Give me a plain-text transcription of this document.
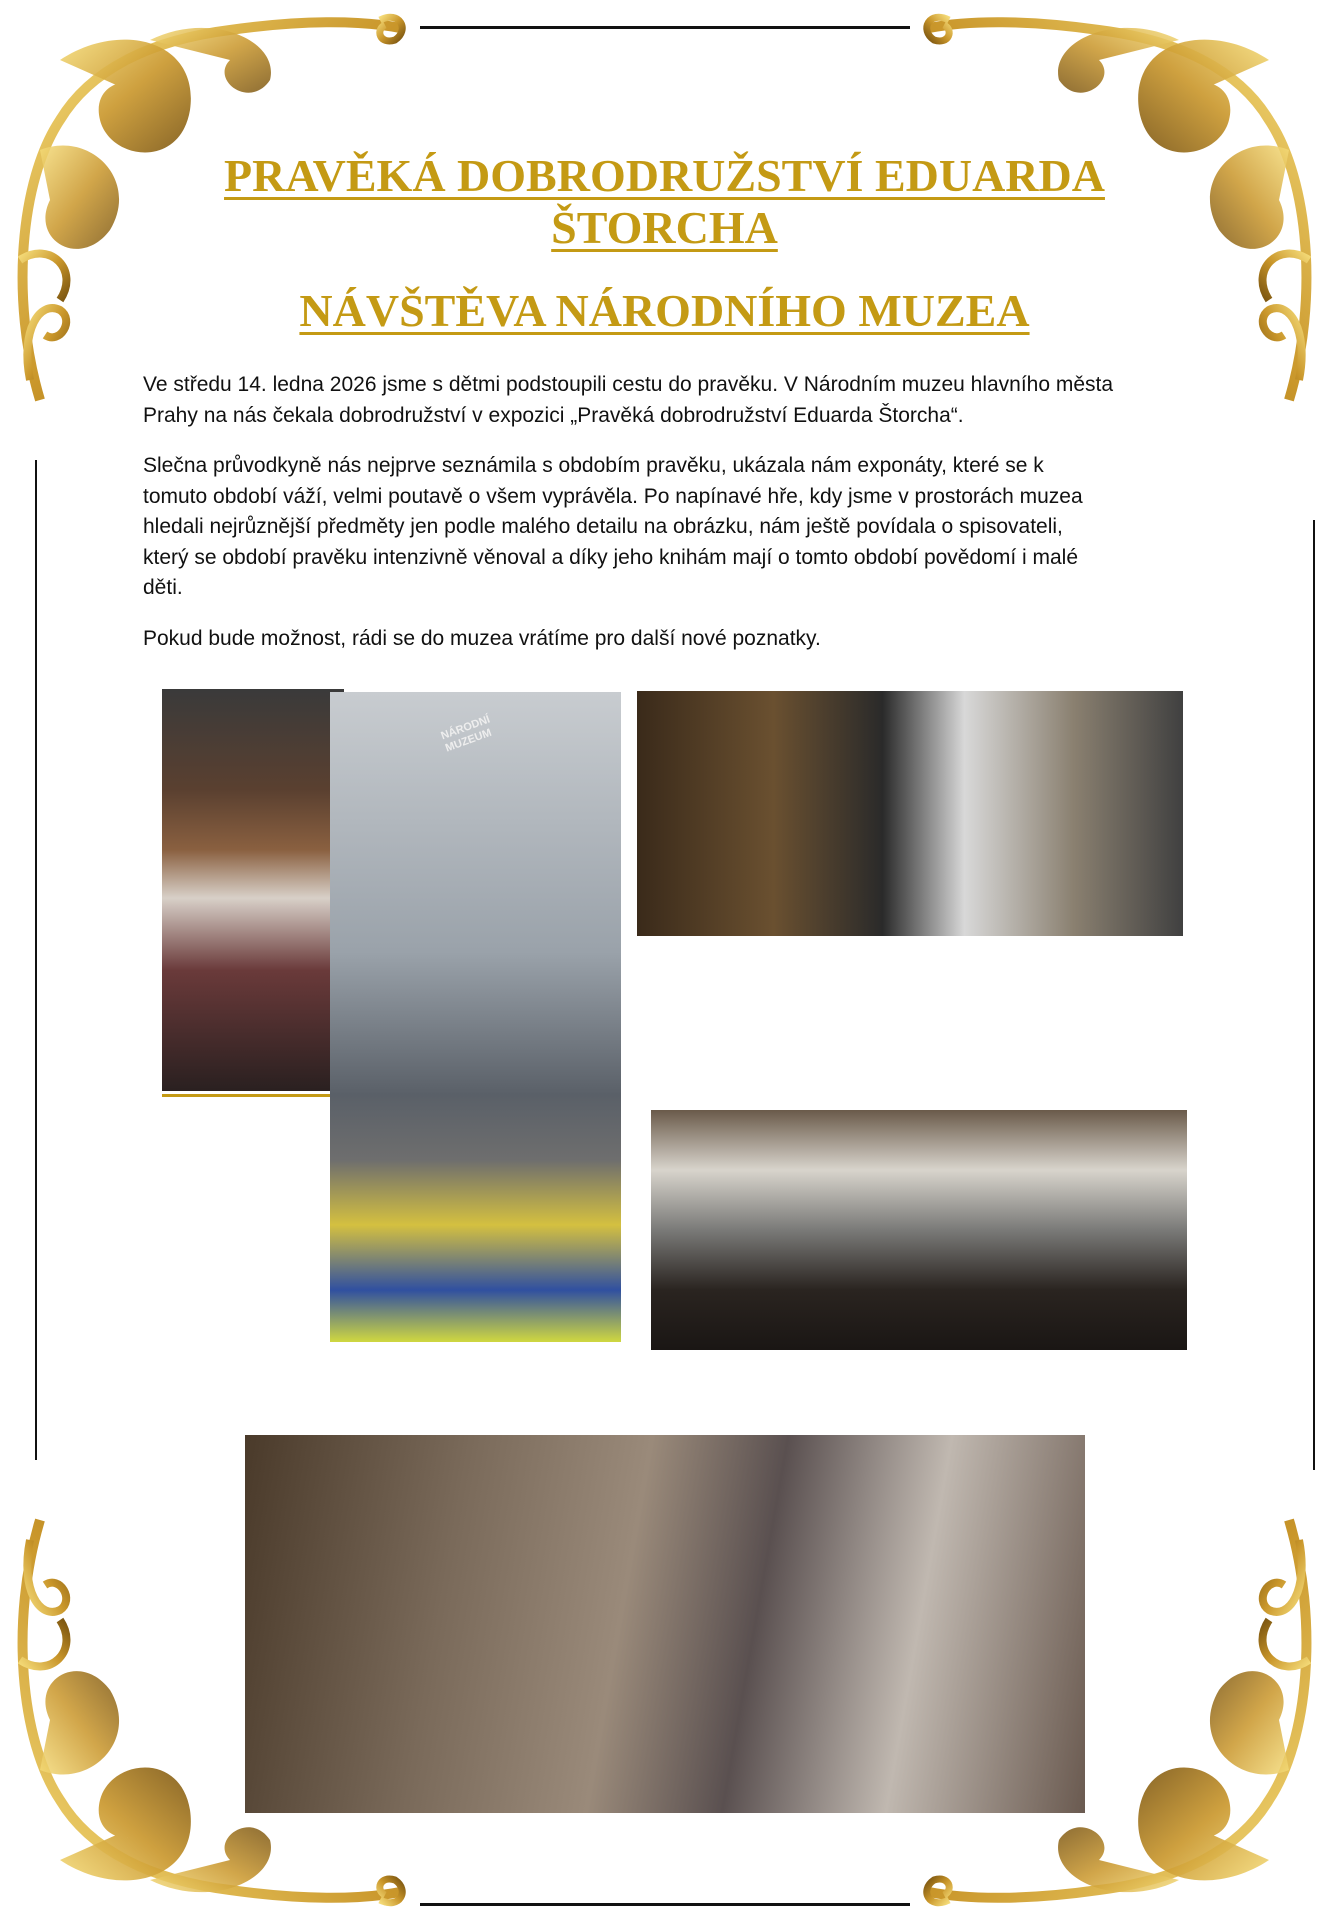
PRAVĚKÁ DOBRODRUŽSTVÍ EDUARDA
ŠTORCHA
NÁVŠTĚVA NÁRODNÍHO MUZEA

Ve středu 14. ledna 2026 jsme s dětmi podstoupili cestu do pravěku. V Národním muzeu hlavního města Prahy na nás čekala dobrodružství v expozici „Pravěká dobrodružství Eduarda Štorcha“.

Slečna průvodkyně nás nejprve seznámila s obdobím pravěku, ukázala nám exponáty, které se k tomuto období váží, velmi poutavě o všem vyprávěla. Po napínavé hře, kdy jsme v prostorách muzea hledali nejrůznější předměty jen podle malého detailu na obrázku, nám ještě povídala o spisovateli, který se období pravěku intenzivně věnoval a díky jeho knihám mají o tomto období povědomí i malé děti.

Pokud bude možnost, rádi se do muzea vrátíme pro další nové poznatky.

NÁRODNÍ MUZEUM
